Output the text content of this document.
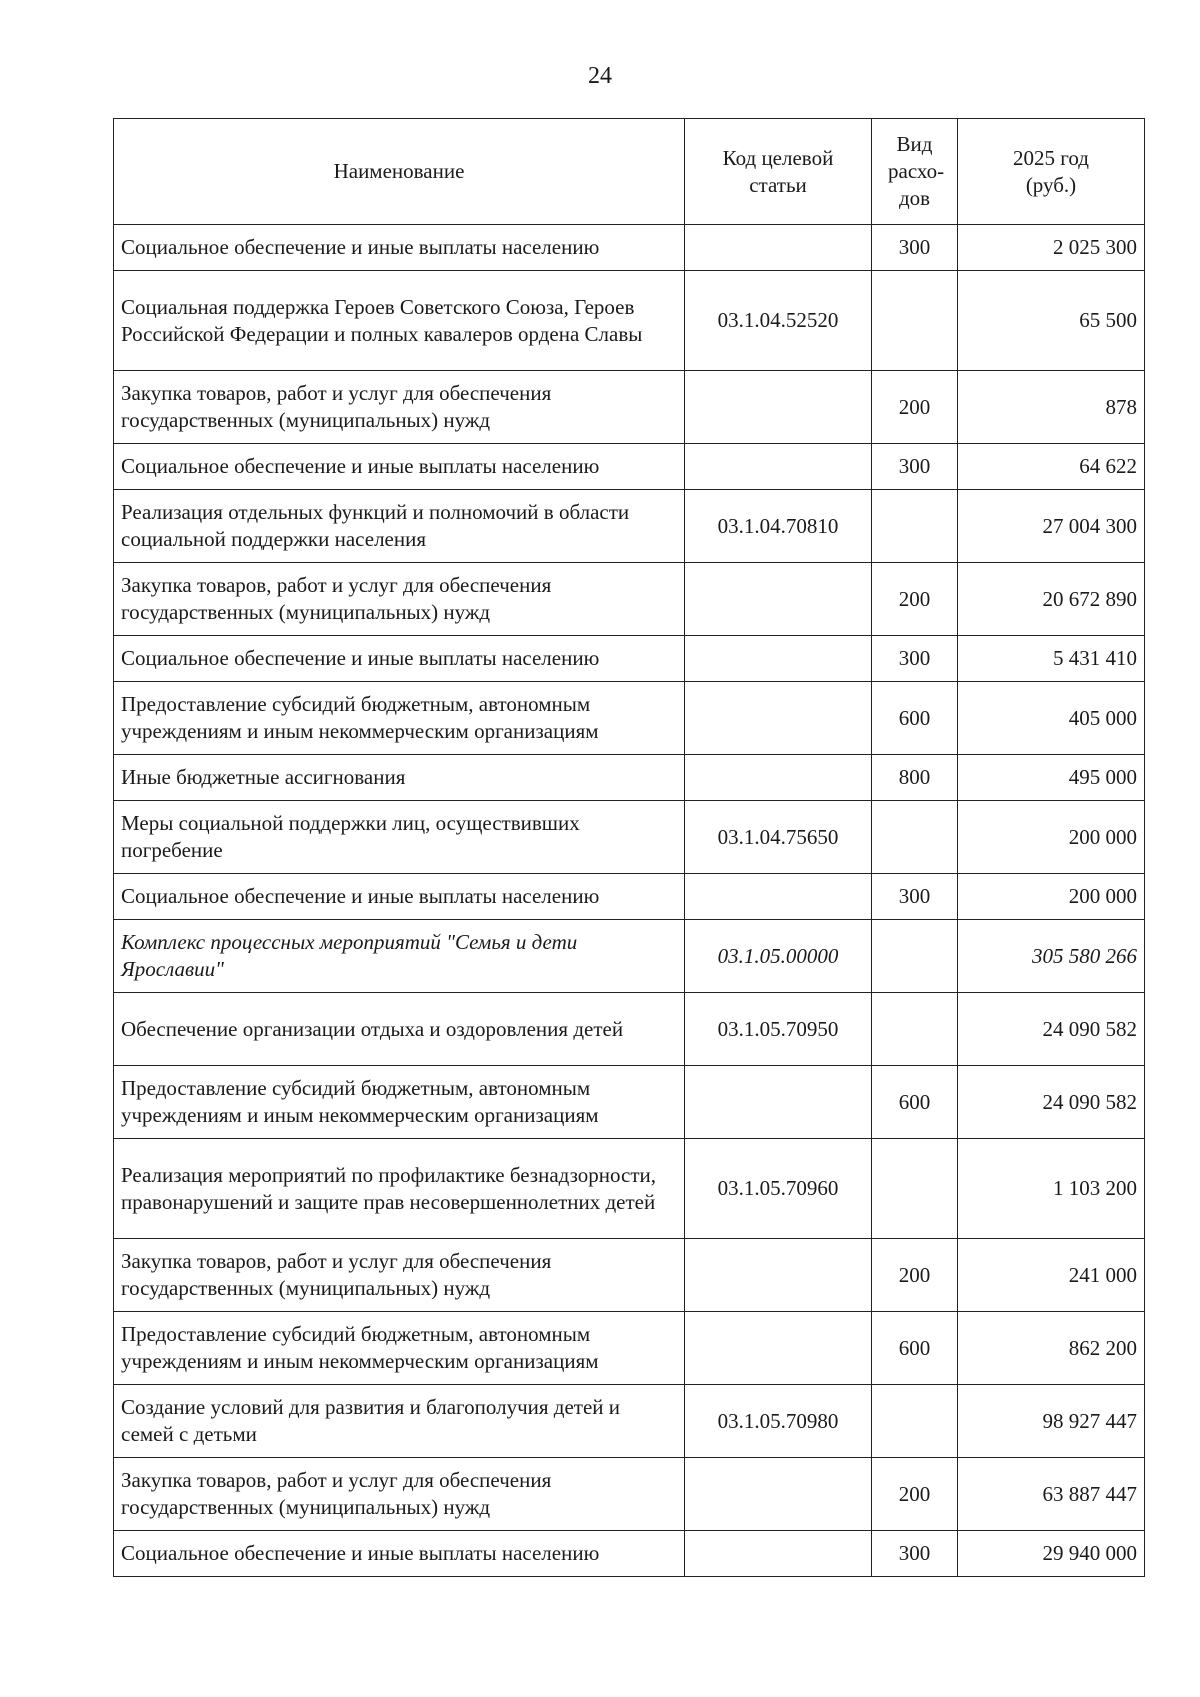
24
Наименование	Код целевой статьи	Вид расхо-дов	2025 год (руб.)
Социальное обеспечение и иные выплаты населению		300	2 025 300
Социальная поддержка Героев Советского Союза, Героев Российской Федерации и полных кавалеров ордена Славы	03.1.04.52520		65 500
Закупка товаров, работ и услуг для обеспечения государственных (муниципальных) нужд		200	878
Социальное обеспечение и иные выплаты населению		300	64 622
Реализация отдельных функций и полномочий в области социальной поддержки населения	03.1.04.70810		27 004 300
Закупка товаров, работ и услуг для обеспечения государственных (муниципальных) нужд		200	20 672 890
Социальное обеспечение и иные выплаты населению		300	5 431 410
Предоставление субсидий бюджетным, автономным учреждениям и иным некоммерческим организациям		600	405 000
Иные бюджетные ассигнования		800	495 000
Меры социальной поддержки лиц, осуществивших погребение	03.1.04.75650		200 000
Социальное обеспечение и иные выплаты населению		300	200 000
Комплекс процессных мероприятий "Семья и дети Ярославии"	03.1.05.00000		305 580 266
Обеспечение организации отдыха и оздоровления детей	03.1.05.70950		24 090 582
Предоставление субсидий бюджетным, автономным учреждениям и иным некоммерческим организациям		600	24 090 582
Реализация мероприятий по профилактике безнадзорности, правонарушений и защите прав несовершеннолетних детей	03.1.05.70960		1 103 200
Закупка товаров, работ и услуг для обеспечения государственных (муниципальных) нужд		200	241 000
Предоставление субсидий бюджетным, автономным учреждениям и иным некоммерческим организациям		600	862 200
Создание условий для развития и благополучия детей и семей с детьми	03.1.05.70980		98 927 447
Закупка товаров, работ и услуг для обеспечения государственных (муниципальных) нужд		200	63 887 447
Социальное обеспечение и иные выплаты населению		300	29 940 000
